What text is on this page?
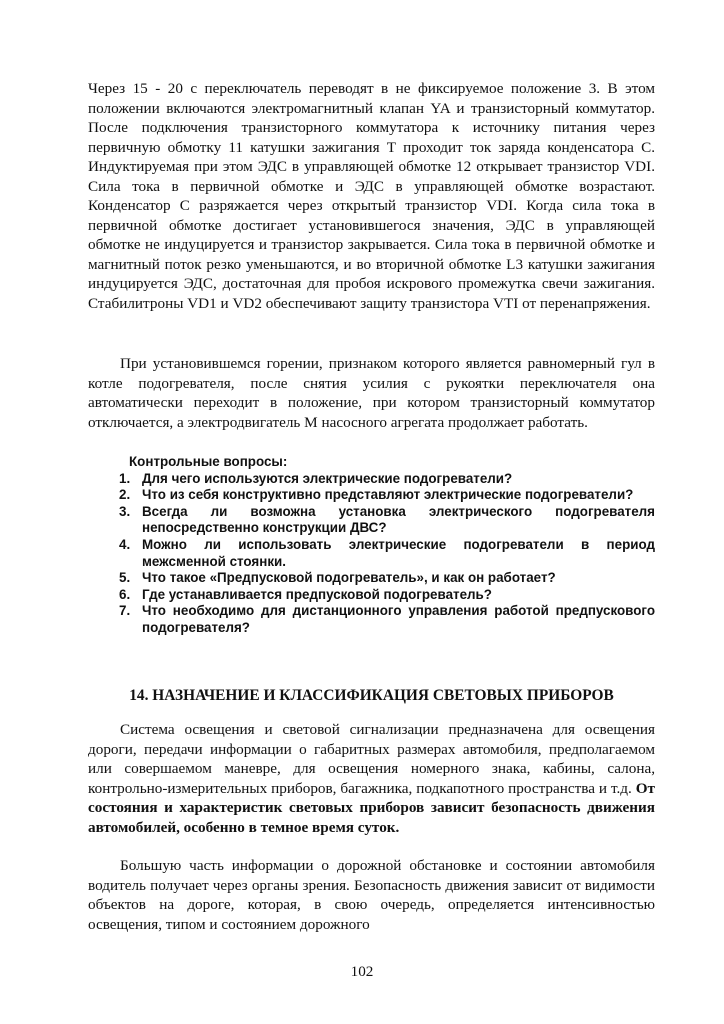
Через 15 - 20 с переключатель переводят в не фиксируемое положение 3. В этом положении включаются электромагнитный клапан YA и транзисторный коммутатор. После подключения транзисторного коммутатора к источнику питания через первичную обмотку 11 катушки зажигания Т проходит ток заряда конденсатора С. Индуктируемая при этом ЭДС в управляющей обмотке 12 открывает транзистор VDI. Сила тока в первичной обмотке и ЭДС в управляющей обмотке возрастают. Конденсатор С разряжается через открытый транзистор VDI. Когда сила тока в первичной обмотке достигает установившегося значения, ЭДС в управляющей обмотке не индуцируется и транзистор закрывается. Сила тока в первичной обмотке и магнитный поток резко уменьшаются, и во вторичной обмотке L3 катушки зажигания индуцируется ЭДС, достаточная для пробоя искрового промежутка свечи зажигания. Стабилитроны VD1 и VD2 обеспечивают защиту транзистора VTI от перенапряжения.

При установившемся горении, признаком которого является равномерный гул в котле подогревателя, после снятия усилия с рукоятки переключателя она автоматически переходит в положение, при котором транзисторный коммутатор отключается, а электродвигатель М насосного агрегата продолжает работать.

Контрольные вопросы:
1. Для чего используются электрические подогреватели?
2. Что из себя конструктивно представляют электрические подогреватели?
3. Всегда ли возможна установка электрического подогревателя непосредственно конструкции ДВС?
4. Можно ли использовать электрические подогреватели в период межсменной стоянки.
5. Что такое «Предпусковой подогреватель», и как он работает?
6. Где устанавливается предпусковой подогреватель?
7. Что необходимо для дистанционного управления работой предпускового подогревателя?
14. НАЗНАЧЕНИЕ И КЛАССИФИКАЦИЯ СВЕТОВЫХ ПРИБОРОВ

Система освещения и световой сигнализации предназначена для освещения дороги, передачи информации о габаритных размерах автомобиля, предполагаемом или совершаемом маневре, для освещения номерного знака, кабины, салона, контрольно-измерительных приборов, багажника, подкапотного пространства и т.д. От состояния и характеристик световых приборов зависит безопасность движения автомобилей, особенно в темное время суток.

Большую часть информации о дорожной обстановке и состоянии автомобиля водитель получает через органы зрения. Безопасность движения зависит от видимости объектов на дороге, которая, в свою очередь, определяется интенсивностью освещения, типом и состоянием дорожного

102
